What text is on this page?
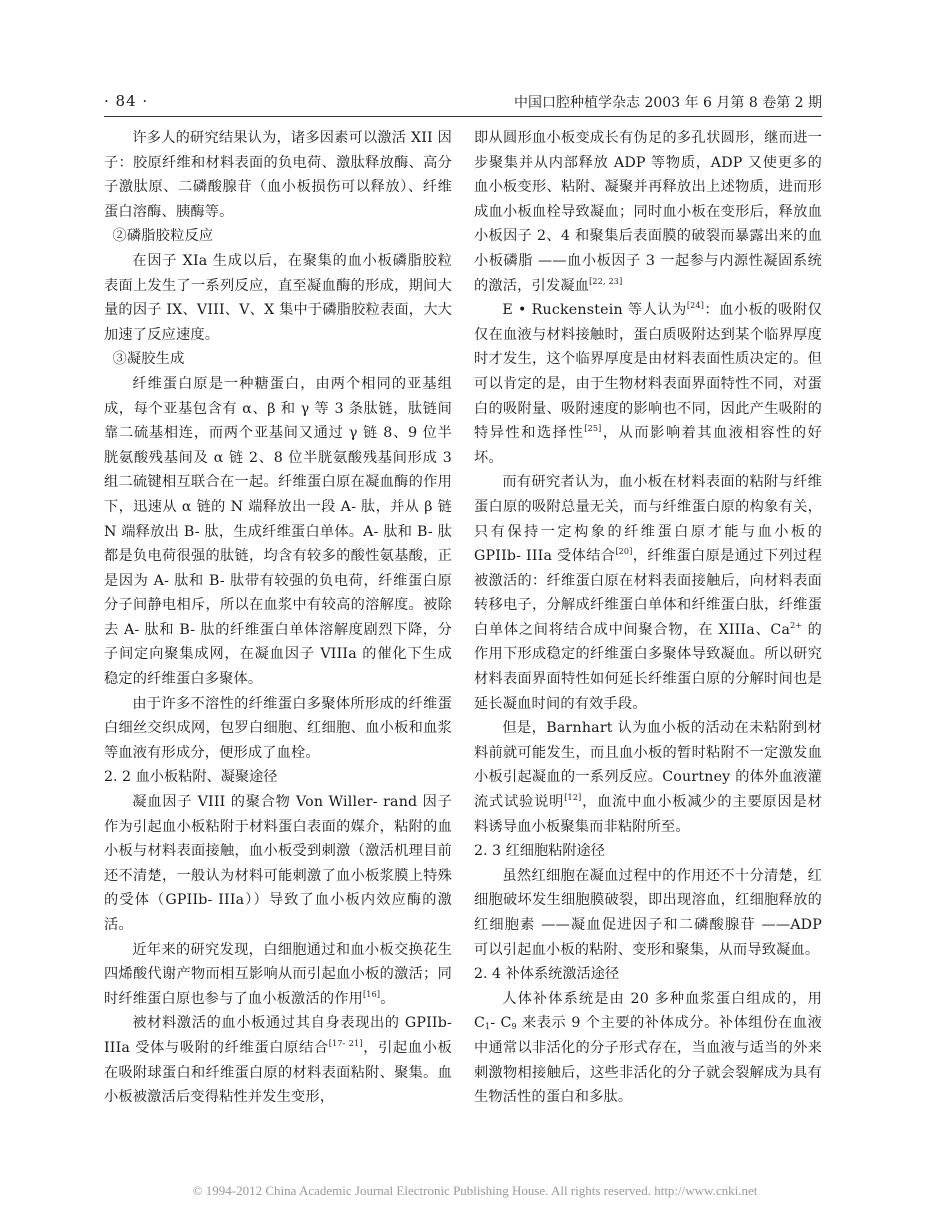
· 84 ·	中国口腔种植学杂志 2003 年 6 月第 8 卷第 2 期

许多人的研究结果认为，诸多因素可以激活 XII 因子：胶原纤维和材料表面的负电荷、激肽释放酶、高分子激肽原、二磷酸腺苷（血小板损伤可以释放）、纤维蛋白溶酶、胰酶等。

②磷脂胶粒反应

在因子 XIa 生成以后，在聚集的血小板磷脂胶粒表面上发生了一系列反应，直至凝血酶的形成，期间大量的因子 IX、VIII、V、X 集中于磷脂胶粒表面，大大加速了反应速度。

③凝胶生成

纤维蛋白原是一种糖蛋白，由两个相同的亚基组成，每个亚基包含有 α、β 和 γ 等 3 条肽链，肽链间靠二硫基相连，而两个亚基间又通过 γ 链 8、9 位半胱氨酸残基间及 α 链 2、8 位半胱氨酸残基间形成 3 组二硫键相互联合在一起。纤维蛋白原在凝血酶的作用下，迅速从 α 链的 N 端释放出一段 A- 肽，并从 β 链 N 端释放出 B- 肽，生成纤维蛋白单体。A- 肽和 B- 肽都是负电荷很强的肽链，均含有较多的酸性氨基酸，正是因为 A- 肽和 B- 肽带有较强的负电荷，纤维蛋白原分子间静电相斥，所以在血浆中有较高的溶解度。被除去 A- 肽和 B- 肽的纤维蛋白单体溶解度剧烈下降，分子间定向聚集成网，在凝血因子 VIIIa 的催化下生成稳定的纤维蛋白多聚体。

由于许多不溶性的纤维蛋白多聚体所形成的纤维蛋白细丝交织成网，包罗白细胞、红细胞、血小板和血浆等血液有形成分，便形成了血栓。

2. 2 血小板粘附、凝聚途径

凝血因子 VIII 的聚合物 Von Willer- rand 因子作为引起血小板粘附于材料蛋白表面的媒介，粘附的血小板与材料表面接触，血小板受到刺激（激活机理目前还不清楚，一般认为材料可能刺激了血小板浆膜上特殊的受体（GPIIb- IIIa））导致了血小板内效应酶的激活。

近年来的研究发现，白细胞通过和血小板交换花生四烯酸代谢产物而相互影响从而引起血小板的激活；同时纤维蛋白原也参与了血小板激活的作用[16]。

被材料激活的血小板通过其自身表现出的 GPIIb- IIIa 受体与吸附的纤维蛋白原结合[17- 21]，引起血小板在吸附球蛋白和纤维蛋白原的材料表面粘附、聚集。血小板被激活后变得粘性并发生变形，

即从圆形血小板变成长有伪足的多孔状圆形，继而进一步聚集并从内部释放 ADP 等物质，ADP 又使更多的血小板变形、粘附、凝聚并再释放出上述物质，进而形成血小板血栓导致凝血；同时血小板在变形后，释放血小板因子 2、4 和聚集后表面膜的破裂而暴露出来的血小板磷脂 ——血小板因子 3 一起参与内源性凝固系统的激活，引发凝血[22, 23]

E • Ruckenstein 等人认为[24]：血小板的吸附仅仅在血液与材料接触时，蛋白质吸附达到某个临界厚度时才发生，这个临界厚度是由材料表面性质决定的。但可以肯定的是，由于生物材料表面界面特性不同，对蛋白的吸附量、吸附速度的影响也不同，因此产生吸附的特异性和选择性[25]，从而影响着其血液相容性的好坏。

而有研究者认为，血小板在材料表面的粘附与纤维蛋白原的吸附总量无关，而与纤维蛋白原的构象有关，只有保持一定构象的纤维蛋白原才能与血小板的 GPIIb- IIIa 受体结合[20]，纤维蛋白原是通过下列过程被激活的：纤维蛋白原在材料表面接触后，向材料表面转移电子，分解成纤维蛋白单体和纤维蛋白肽，纤维蛋白单体之间将结合成中间聚合物，在 XIIIa、$Ca^{2+}$ 的作用下形成稳定的纤维蛋白多聚体导致凝血。所以研究材料表面界面特性如何延长纤维蛋白原的分解时间也是延长凝血时间的有效手段。

但是，Barnhart 认为血小板的活动在未粘附到材料前就可能发生，而且血小板的暂时粘附不一定激发血小板引起凝血的一系列反应。Courtney 的体外血液灌流式试验说明[12]，血流中血小板减少的主要原因是材料诱导血小板聚集而非粘附所至。

2. 3 红细胞粘附途径

虽然红细胞在凝血过程中的作用还不十分清楚，红细胞破坏发生细胞膜破裂，即出现溶血，红细胞释放的红细胞素 ——凝血促进因子和二磷酸腺苷 ——ADP 可以引起血小板的粘附、变形和聚集，从而导致凝血。

2. 4 补体系统激活途径

人体补体系统是由 20 多种血浆蛋白组成的，用 $C_1-$ $C_9$ 来表示 9 个主要的补体成分。补体组份在血液中通常以非活化的分子形式存在，当血液与适当的外来刺激物相接触后，这些非活化的分子就会裂解成为具有生物活性的蛋白和多肽。

© 1994-2012 China Academic Journal Electronic Publishing House. All rights reserved. http://www.cnki.net
